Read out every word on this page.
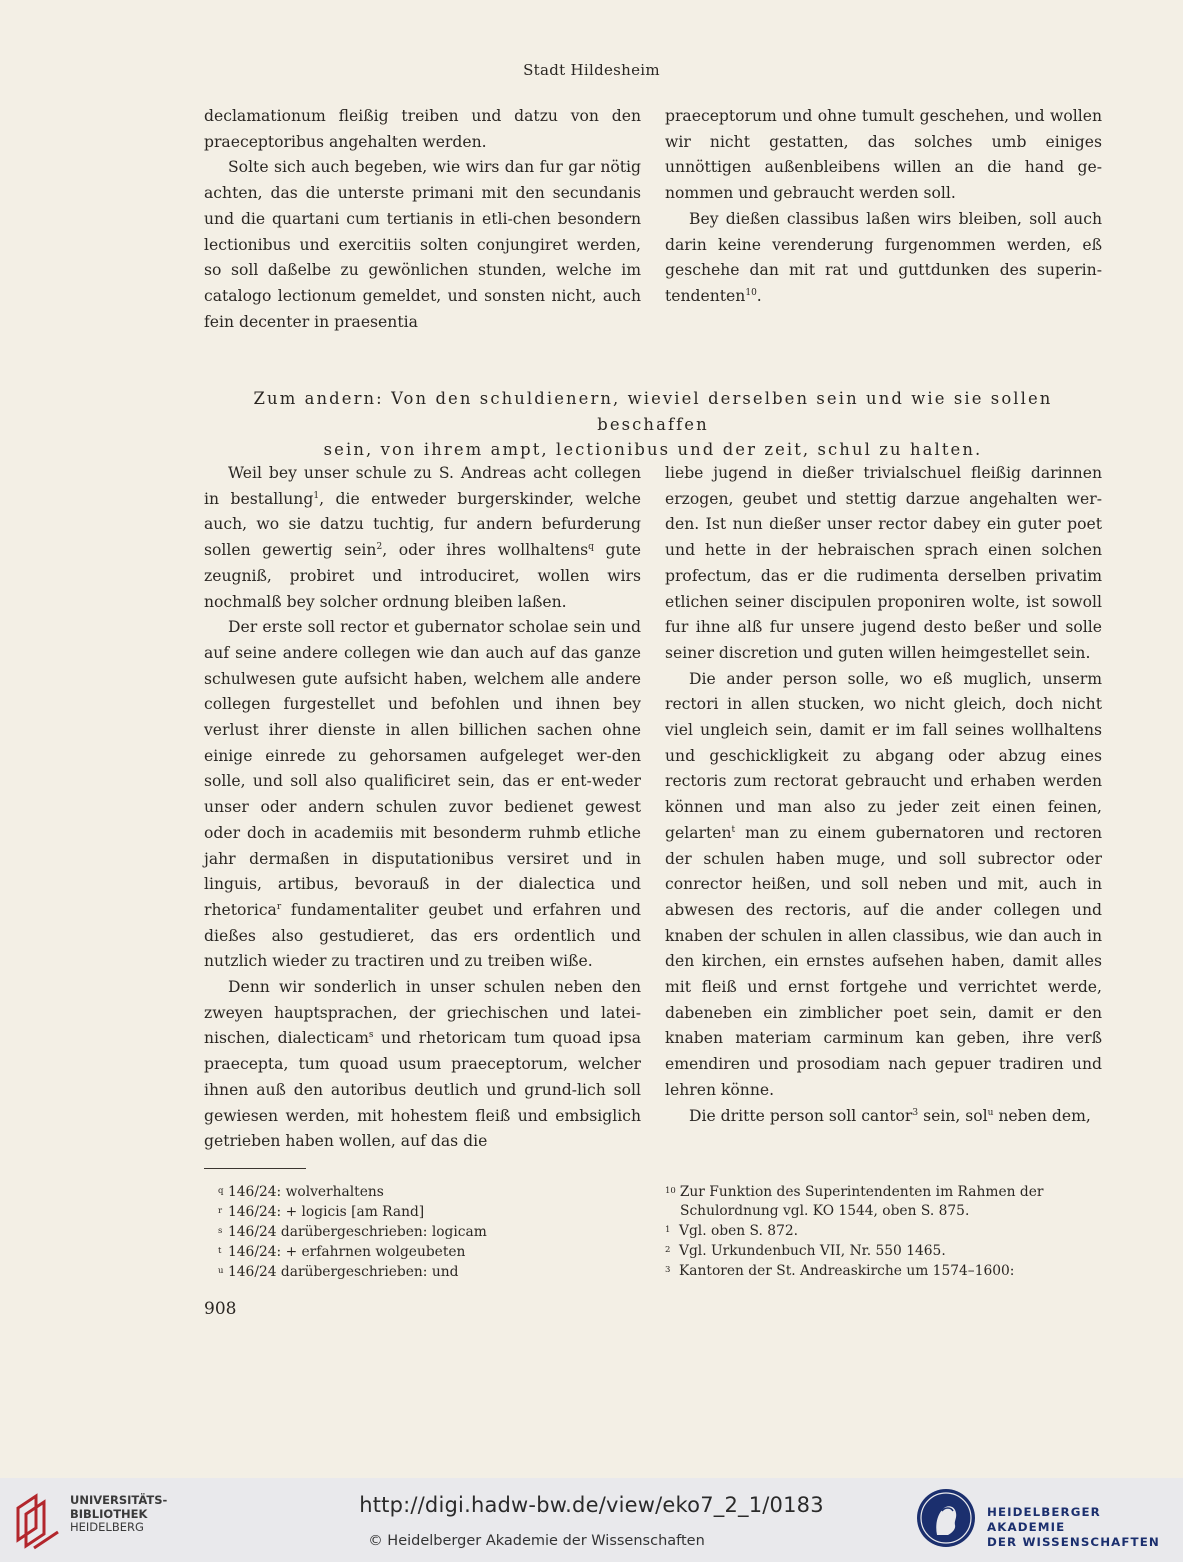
Stadt Hildesheim

declamationum fleißig treiben und datzu von den praeceptoribus angehalten werden.

Solte sich auch begeben, wie wirs dan fur gar nötig achten, das die unterste primani mit den secundanis und die quartani cum tertianis in etli-chen besondern lectionibus und exercitiis solten conjungiret werden, so soll daßelbe zu gewönlichen stunden, welche im catalogo lectionum gemeldet, und sonsten nicht, auch fein decenter in praesentia

praeceptorum und ohne tumult geschehen, und wollen wir nicht gestatten, das solches umb einiges unnöttigen außenbleibens willen an die hand ge-nommen und gebraucht werden soll.

Bey dießen classibus laßen wirs bleiben, soll auch darin keine verenderung furgenommen werden, eß geschehe dan mit rat und guttdunken des superin-tendenten$^{10}$.

Zum andern: Von den schuldienern, wieviel derselben sein und wie sie sollen beschaffen
sein, von ihrem ampt, lectionibus und der zeit, schul zu halten.

Weil bey unser schule zu S. Andreas acht collegen in bestallung$^1$, die entweder burgerskinder, welche auch, wo sie datzu tuchtig, fur andern befurderung sollen gewertig sein$^2$, oder ihres wollhaltens$^q$ gute zeugniß, probiret und introduciret, wollen wirs nochmalß bey solcher ordnung bleiben laßen.

Der erste soll rector et gubernator scholae sein und auf seine andere collegen wie dan auch auf das ganze schulwesen gute aufsicht haben, welchem alle andere collegen furgestellet und befohlen und ihnen bey verlust ihrer dienste in allen billichen sachen ohne einige einrede zu gehorsamen aufgeleget wer-den solle, und soll also qualificiret sein, das er ent-weder unser oder andern schulen zuvor bedienet gewest oder doch in academiis mit besonderm ruhmb etliche jahr dermaßen in disputationibus versiret und in linguis, artibus, bevorauß in der dialectica und rhetorica$^r$ fundamentaliter geubet und erfahren und dießes also gestudieret, das ers ordentlich und nutzlich wieder zu tractiren und zu treiben wiße.

Denn wir sonderlich in unser schulen neben den zweyen hauptsprachen, der griechischen und latei-nischen, dialecticam$^s$ und rhetoricam tum quoad ipsa praecepta, tum quoad usum praeceptorum, welcher ihnen auß den autoribus deutlich und grund-lich soll gewiesen werden, mit hohestem fleiß und embsiglich getrieben haben wollen, auf das die

liebe jugend in dießer trivialschuel fleißig darinnen erzogen, geubet und stettig darzue angehalten wer-den. Ist nun dießer unser rector dabey ein guter poet und hette in der hebraischen sprach einen solchen profectum, das er die rudimenta derselben privatim etlichen seiner discipulen proponiren wolte, ist sowoll fur ihne alß fur unsere jugend desto beßer und solle seiner discretion und guten willen heimgestellet sein.

Die ander person solle, wo eß muglich, unserm rectori in allen stucken, wo nicht gleich, doch nicht viel ungleich sein, damit er im fall seines wollhaltens und geschickligkeit zu abgang oder abzug eines rectoris zum rectorat gebraucht und erhaben werden können und man also zu jeder zeit einen feinen, gelarten$^t$ man zu einem gubernatoren und rectoren der schulen haben muge, und soll subrector oder conrector heißen, und soll neben und mit, auch in abwesen des rectoris, auf die ander collegen und knaben der schulen in allen classibus, wie dan auch in den kirchen, ein ernstes aufsehen haben, damit alles mit fleiß und ernst fortgehe und verrichtet werde, dabeneben ein zimblicher poet sein, damit er den knaben materiam carminum kan geben, ihre verß emendiren und prosodiam nach gepuer tradiren und lehren könne.

Die dritte person soll cantor$^3$ sein, sol$^u$ neben dem,

q 146/24: wolverhaltens
r 146/24: + logicis [am Rand]
s 146/24 darübergeschrieben: logicam
t 146/24: + erfahrnen wolgeubeten
u 146/24 darübergeschrieben: und
10 Zur Funktion des Superintendenten im Rahmen der
Schulordnung vgl. KO 1544, oben S. 875.
1 Vgl. oben S. 872.
2 Vgl. Urkundenbuch VII, Nr. 550 1465.
3 Kantoren der St. Andreaskirche um 1574–1600:
908
UNIVERSITÄTS-
BIBLIOTHEK
HEIDELBERG
http://digi.hadw-bw.de/view/eko7_2_1/0183
© Heidelberger Akademie der Wissenschaften
HEIDELBERGER AKADEMIE
DER WISSENSCHAFTEN
